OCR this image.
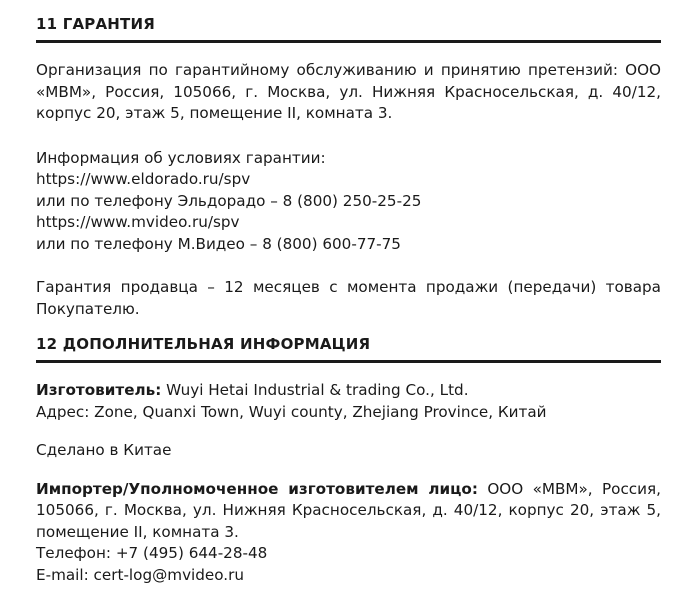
11 ГАРАНТИЯ

Организация по гарантийному обслуживанию и принятию претензий: ООО «МВМ», Россия, 105066, г. Москва, ул. Нижняя Красносельская, д. 40/12, корпус 20, этаж 5, помещение II, комната 3.

Информация об условиях гарантии:
https://www.eldorado.ru/spv
или по телефону Эльдорадо – 8 (800) 250-25-25
https://www.mvideo.ru/spv
или по телефону М.Видео – 8 (800) 600-77-75

Гарантия продавца – 12 месяцев с момента продажи (передачи) товара Покупателю.

12 ДОПОЛНИТЕЛЬНАЯ ИНФОРМАЦИЯ
Изготовитель: Wuyi Hetai Industrial & trading Co., Ltd.
Адрес: Zone, Quanxi Town, Wuyi county, Zhejiang Province, Китай

Сделано в Китае

Импортер/Уполномоченное изготовителем лицо: ООО «МВМ», Россия, 105066, г. Москва, ул. Нижняя Красносельская, д. 40/12, корпус 20, этаж 5, помещение II, комната 3.
Телефон: +7 (495) 644-28-48
E-mail: cert-log@mvideo.ru
